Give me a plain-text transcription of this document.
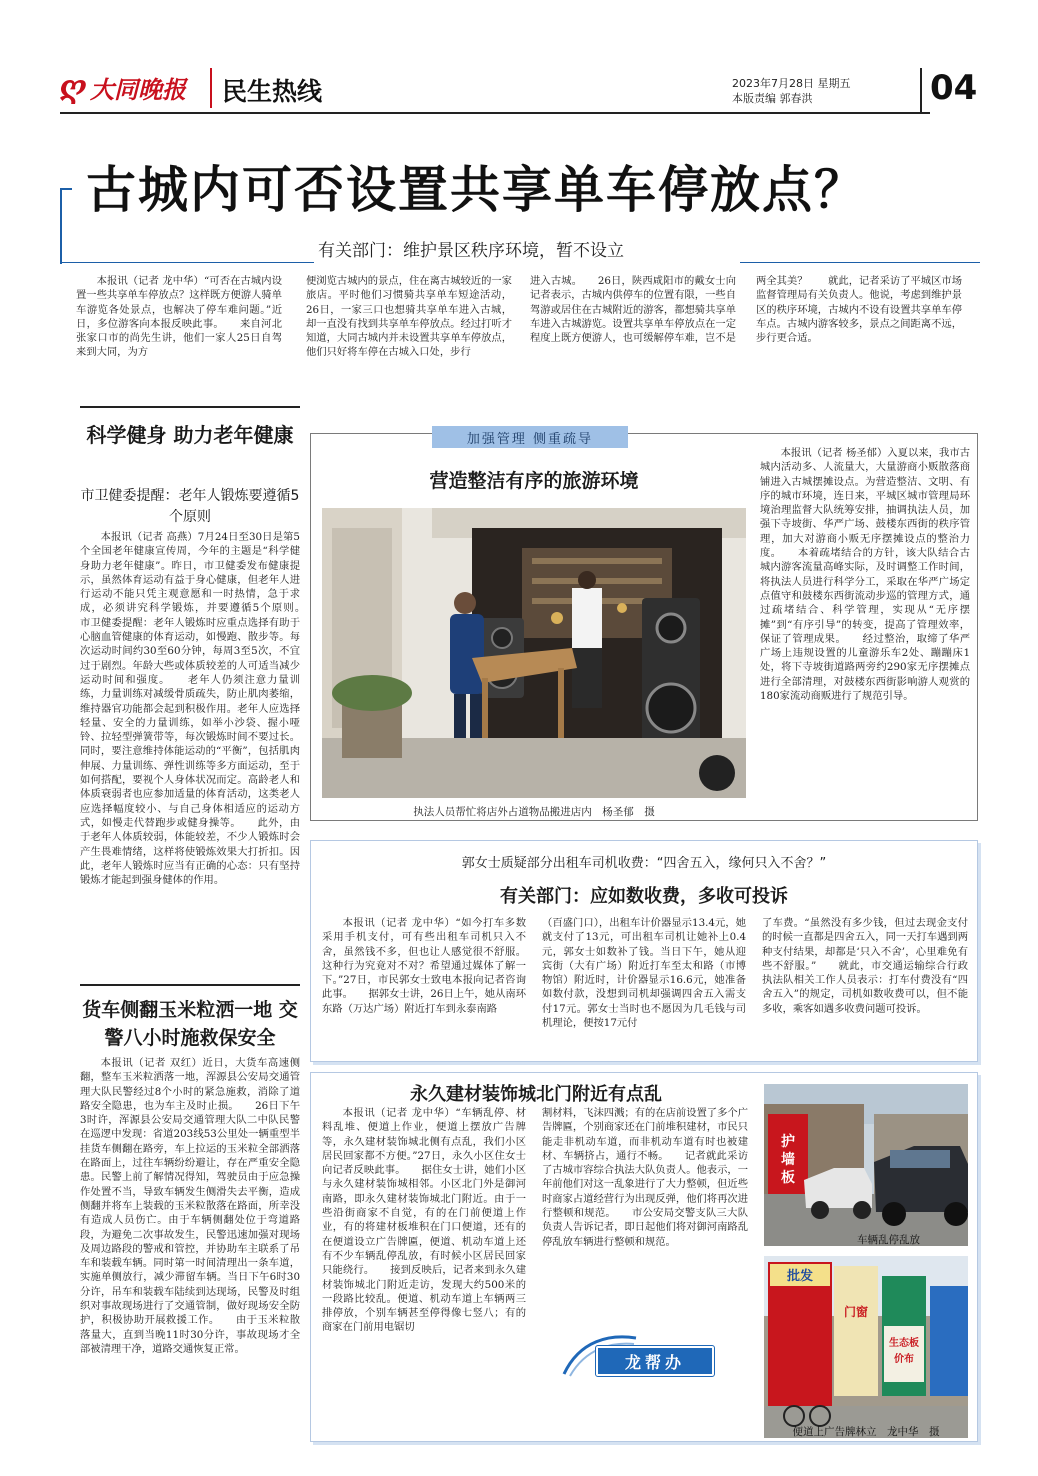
ღ 大同晚报 民生热线	2023年7月28日 星期五
本版责编 郭春洪	04
古城内可否设置共享单车停放点？
有关部门：维护景区秩序环境，暂不设立

本报讯（记者 龙中华）“可否在古城内设置一些共享单车停放点？这样既方便游人骑单车游览各处景点，也解决了停车难问题。”近日，多位游客向本报反映此事。　　来自河北张家口市的尚先生讲，他们一家人25日自驾来到大同，为方

便浏览古城内的景点，住在离古城较近的一家旅店。平时他们习惯骑共享单车短途活动，26日，一家三口也想骑共享单车进入古城，却一直没有找到共享单车停放点。经过打听才知道，大同古城内并未设置共享单车停放点，他们只好将车停在古城入口处，步行

进入古城。　　26日，陕西咸阳市的戴女士向记者表示，古城内供停车的位置有限，一些自驾游或居住在古城附近的游客，都想骑共享单车进入古城游览。设置共享单车停放点在一定程度上既方便游人，也可缓解停车难，岂不是

两全其美？　　就此，记者采访了平城区市场监督管理局有关负责人。他说，考虑到维护景区的秩序环境，古城内不设有设置共享单车停车点。古城内游客较多，景点之间距离不远，步行更合适。

科学健身 助力老年健康
市卫健委提醒：老年人锻炼要遵循5个原则

本报讯（记者 高燕）7月24日至30日是第5个全国老年健康宣传周，今年的主题是“科学健身助力老年健康”。昨日，市卫健委发布健康提示，虽然体育运动有益于身心健康，但老年人进行运动不能只凭主观意愿和一时热情，急于求成，必须讲究科学锻炼，并要遵循5个原则。　　市卫健委提醒：老年人锻炼时应重点选择有助于心脑血管健康的体育运动，如慢跑、散步等。每次运动时间约30至60分钟，每周3至5次，不宜过于剧烈。年龄大些或体质较差的人可适当减少运动时间和强度。　　老年人仍须注意力量训练，力量训练对减缓骨质疏失，防止肌肉萎缩，维持器官功能都会起到积极作用。老年人应选择轻量、安全的力量训练，如举小沙袋、握小哑铃、拉轻型弹簧带等，每次锻炼时间不要过长。同时，要注意维持体能运动的“平衡”，包括肌肉伸展、力量训练、弹性训练等多方面运动，至于如何搭配，要视个人身体状况而定。高龄老人和体质衰弱者也应参加适量的体育活动，这类老人应选择幅度较小、与自己身体相适应的运动方式，如慢走代替跑步或健身操等。　　此外，由于老年人体质较弱，体能较差，不少人锻炼时会产生畏难情绪，这样将使锻炼效果大打折扣。因此，老年人锻炼时应当有正确的心态：只有坚持锻炼才能起到强身健体的作用。

货车侧翻玉米粒洒一地 交警八小时施救保安全

本报讯（记者 双红）近日，大货车高速侧翻，整车玉米粒洒落一地，浑源县公安局交通管理大队民警经过8个小时的紧急施救，消除了道路安全隐患，也为车主及时止损。　　26日下午3时许，浑源县公安局交通管理大队二中队民警在巡逻中发现：省道203线53公里处一辆重型半挂货车侧翻在路旁，车上拉运的玉米粒全部洒落在路面上，过往车辆纷纷避让，存在严重安全隐患。民警上前了解情况得知，驾驶员由于应急操作处置不当，导致车辆发生侧滑失去平衡，造成侧翻并将车上装载的玉米粒散落在路面，所幸没有造成人员伤亡。由于车辆侧翻处位于弯道路段，为避免二次事故发生，民警迅速加强对现场及周边路段的警戒和管控，并协助车主联系了吊车和装载车辆。同时第一时间清理出一条车道，实施单侧放行，减少滞留车辆。当日下午6时30分许，吊车和装载车陆续到达现场，民警及时组织对事故现场进行了交通管制，做好现场安全防护，积极协助开展救援工作。　　由于玉米粒散落量大，直到当晚11时30分许，事故现场才全部被清理干净，道路交通恢复正常。

加强管理 侧重疏导
营造整洁有序的旅游环境
执法人员帮忙将店外占道物品搬进店内　杨圣郁　摄

本报讯（记者 杨圣郁）入夏以来，我市古城内活动多、人流量大，大量游商小贩散落商铺进入古城摆摊设点。为营造整洁、文明、有序的城市环境，连日来，平城区城市管理局环境治理监督大队统筹安排，抽调执法人员，加强下寺坡街、华严广场、鼓楼东西街的秩序管理，加大对游商小贩无序摆摊设点的整治力度。　　本着疏堵结合的方针，该大队结合古城内游客流量高峰实际，及时调整工作时间，将执法人员进行科学分工，采取在华严广场定点值守和鼓楼东西街流动步巡的管理方式，通过疏堵结合、科学管理，实现从“无序摆摊”到“有序引导”的转变，提高了管理效率，保证了管理成果。　　经过整治，取缔了华严广场上违规设置的儿童游乐车2处、蹦蹦床1处，将下寺坡街道路两旁约290家无序摆摊点进行全部清理，对鼓楼东西街影响游人观赏的180家流动商贩进行了规范引导。

郭女士质疑部分出租车司机收费：“四舍五入，缘何只入不舍？”
有关部门：应如数收费，多收可投诉

本报讯（记者 龙中华）“如今打车多数采用手机支付，可有些出租车司机只入不舍，虽然钱不多，但也让人感觉很不舒服。这种行为究竟对不对？希望通过媒体了解一下。”27日，市民郭女士致电本报向记者咨询此事。　　据郭女士讲，26日上午，她从南环东路（万达广场）附近打车到永泰南路

（百盛门口），出租车计价器显示13.4元，她就支付了13元，可出租车司机让她补上0.4元，郭女士如数补了钱。当日下午，她从迎宾街（大有广场）附近打车至太和路（市博物馆）附近时，计价器显示16.6元，她准备如数付款，没想到司机却强调四舍五入需支付17元。郭女士当时也不愿因为几毛钱与司机理论，便按17元付

了车费。“虽然没有多少钱，但过去现金支付的时候一直都是四舍五入，同一天打车遇到两种支付结果，却都是‘只入不舍’，心里难免有些不舒服。”　　就此，市交通运输综合行政执法队相关工作人员表示：打车付费没有“四舍五入”的规定，司机如数收费可以，但不能多收，乘客如遇多收费问题可投诉。

永久建材装饰城北门附近有点乱

本报讯（记者 龙中华）“车辆乱停、材料乱堆、便道上作业，便道上摆放广告牌等，永久建材装饰城北侧有点乱，我们小区居民回家都不方便。”27日，永久小区住女士向记者反映此事。　　据住女士讲，她们小区与永久建材装饰城相邻。小区北门外是御河南路，即永久建材装饰城北门附近。由于一些沿街商家不自觉，有的在门前便道上作业，有的将建材板堆积在门口便道，还有的在便道设立广告牌匾，便道、机动车道上还有不少车辆乱停乱放，有时候小区居民回家只能绕行。　　接到反映后，记者来到永久建材装饰城北门附近走访，发现大约500米的一段路比较乱。便道、机动车道上车辆两三排停放，个别车辆甚至停得像七竖八；有的商家在门前用电锯切

割材料，飞沫四溅；有的在店前设置了多个广告牌匾，个别商家还在门前堆积建材，市民只能走非机动车道，而非机动车道有时也被建材、车辆挤占，通行不畅。　　记者就此采访了古城市容综合执法大队负责人。他表示，一年前他们对这一乱象进行了大力整顿，但近些时商家占道经营行为出现反弹，他们将再次进行整顿和规范。　　市公安局交警支队三大队负责人告诉记者，即日起他们将对御河南路乱停乱放车辆进行整顿和规范。

龙帮办
护
墙
板
车辆乱停乱放
批发
生态板
价布
门窗
便道上广告牌林立　龙中华　摄
